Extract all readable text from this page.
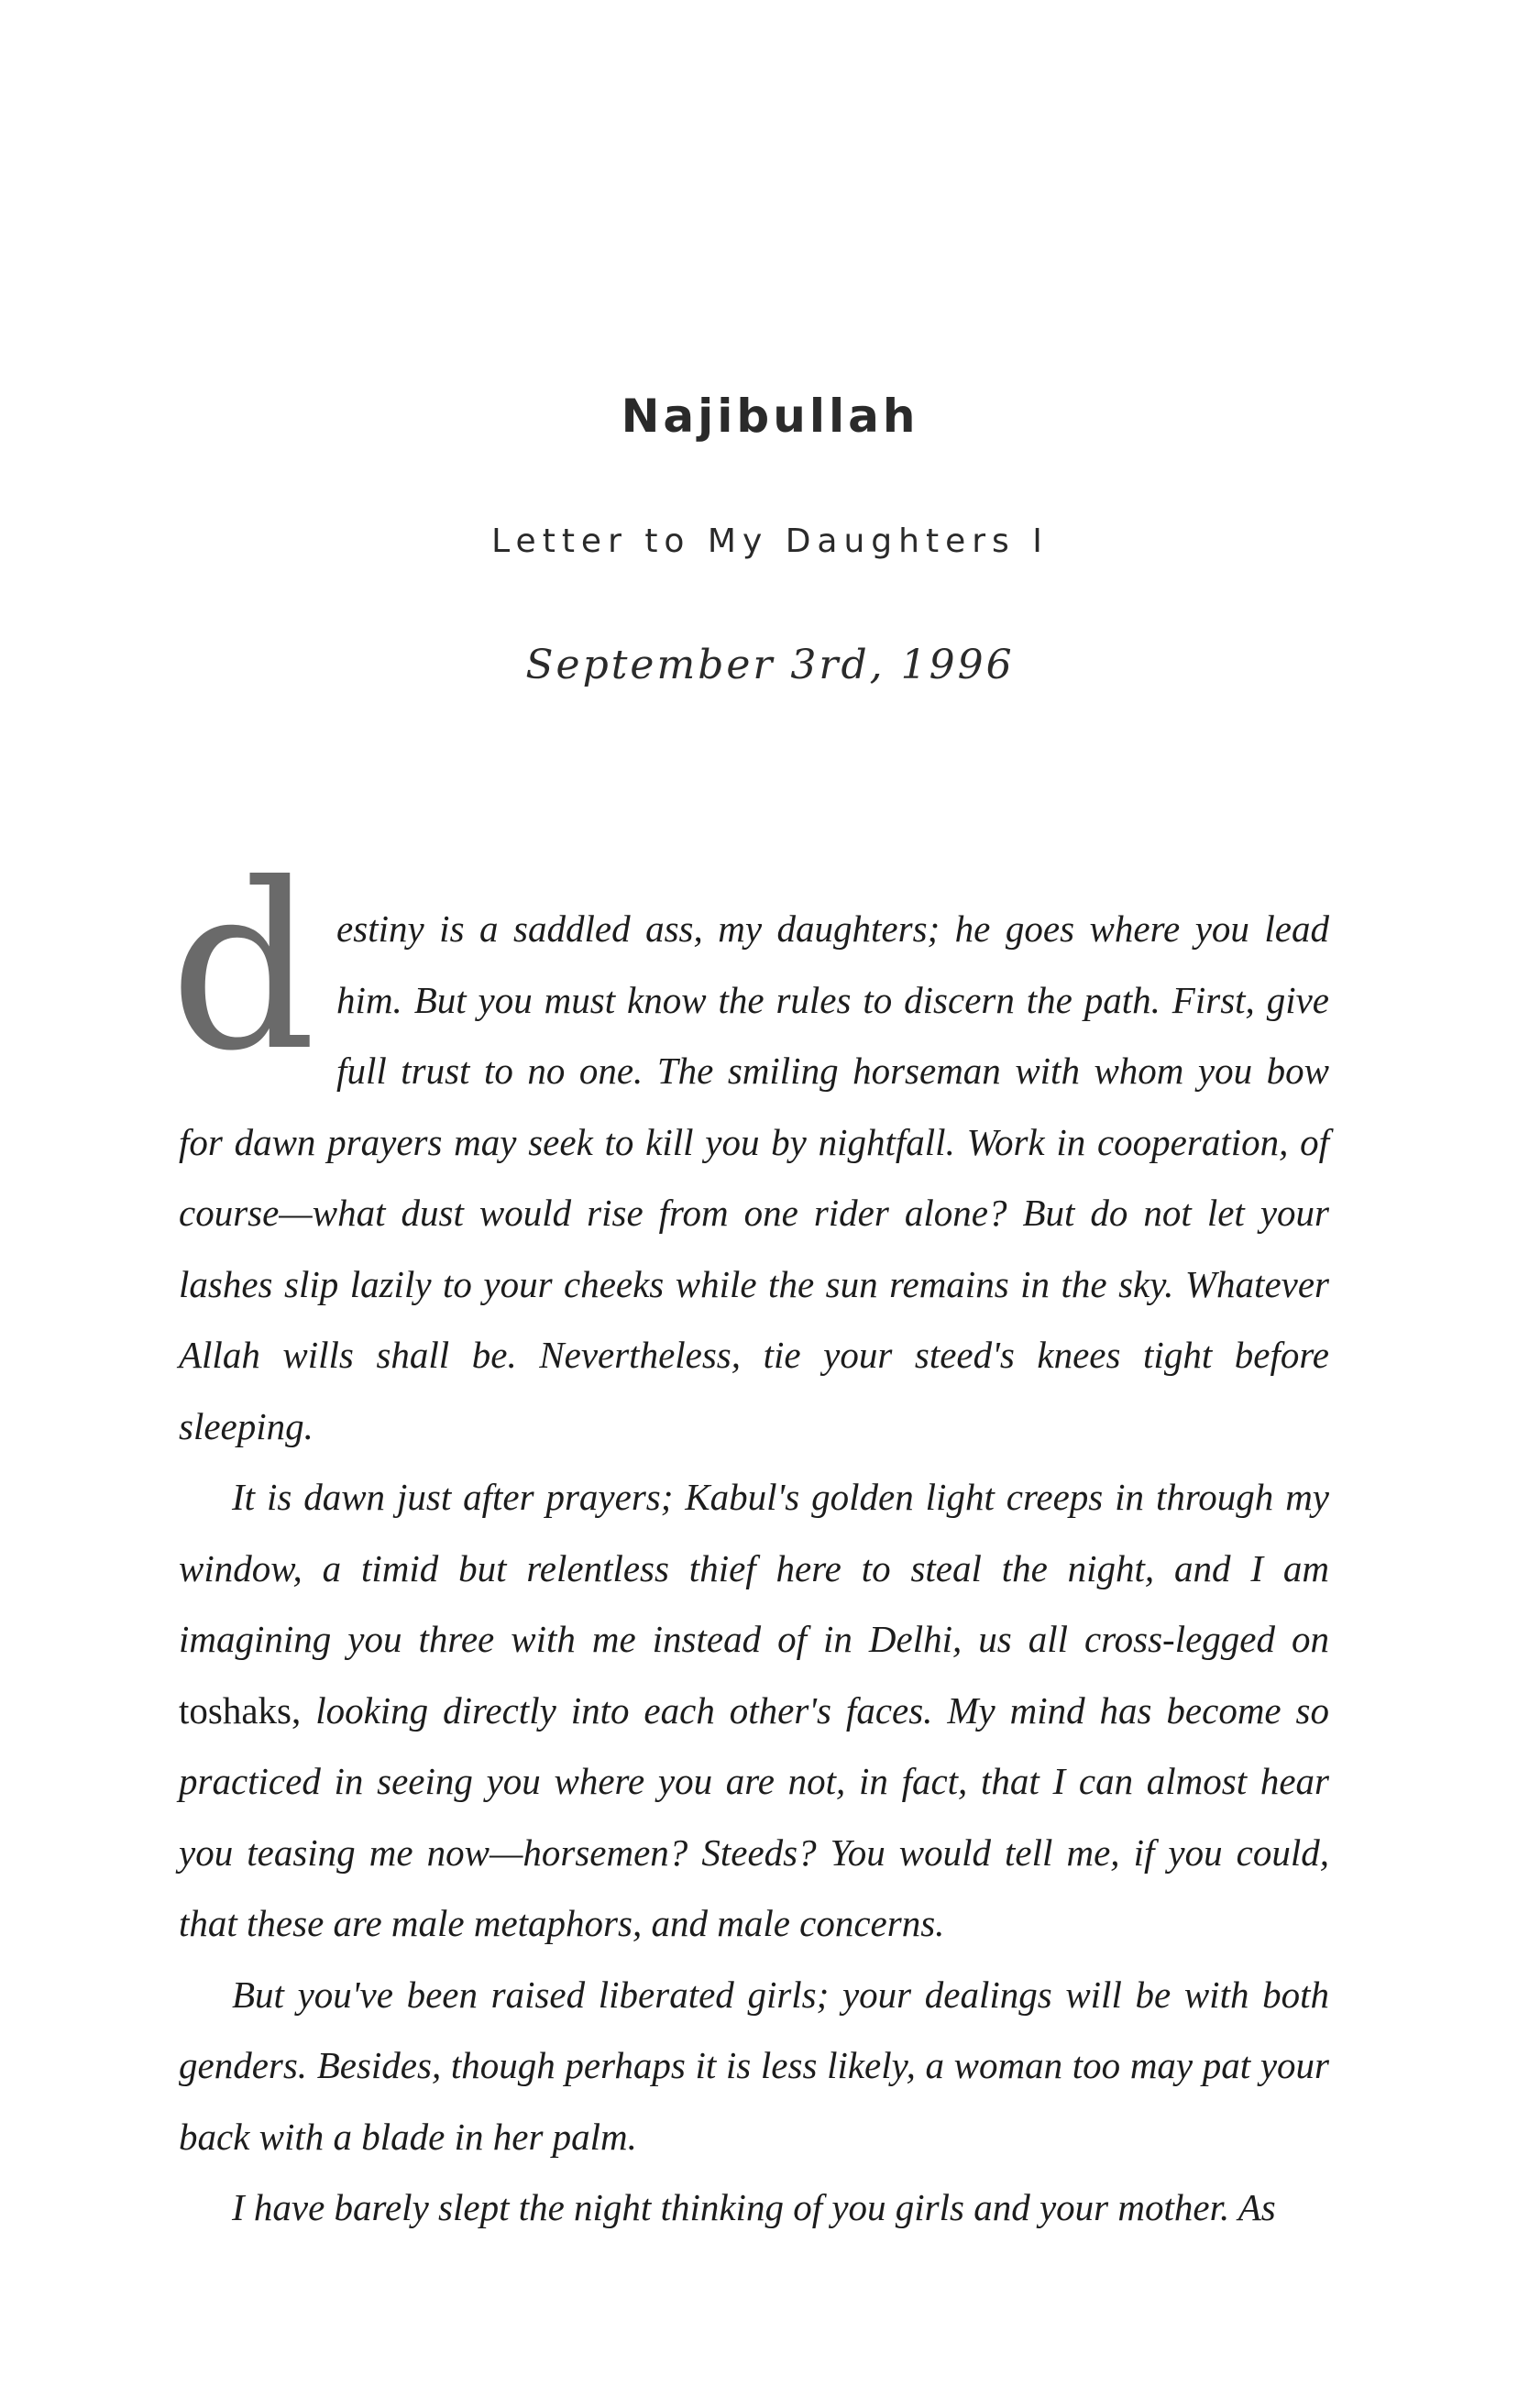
Najibullah
Letter to My Daughters I
September 3rd, 1996

destiny is a saddled ass, my daughters; he goes where you lead him. But you must know the rules to discern the path. First, give full trust to no one. The smiling horseman with whom you bow for dawn prayers may seek to kill you by nightfall. Work in cooperation, of course—what dust would rise from one rider alone? But do not let your lashes slip lazily to your cheeks while the sun remains in the sky. Whatever Allah wills shall be. Nevertheless, tie your steed's knees tight before sleeping.

It is dawn just after prayers; Kabul's golden light creeps in through my window, a timid but relentless thief here to steal the night, and I am imagining you three with me instead of in Delhi, us all cross-legged on toshaks, looking directly into each other's faces. My mind has become so practiced in seeing you where you are not, in fact, that I can almost hear you teasing me now—horsemen? Steeds? You would tell me, if you could, that these are male metaphors, and male concerns.

But you've been raised liberated girls; your dealings will be with both genders. Besides, though perhaps it is less likely, a woman too may pat your back with a blade in her palm.

I have barely slept the night thinking of you girls and your mother. As
